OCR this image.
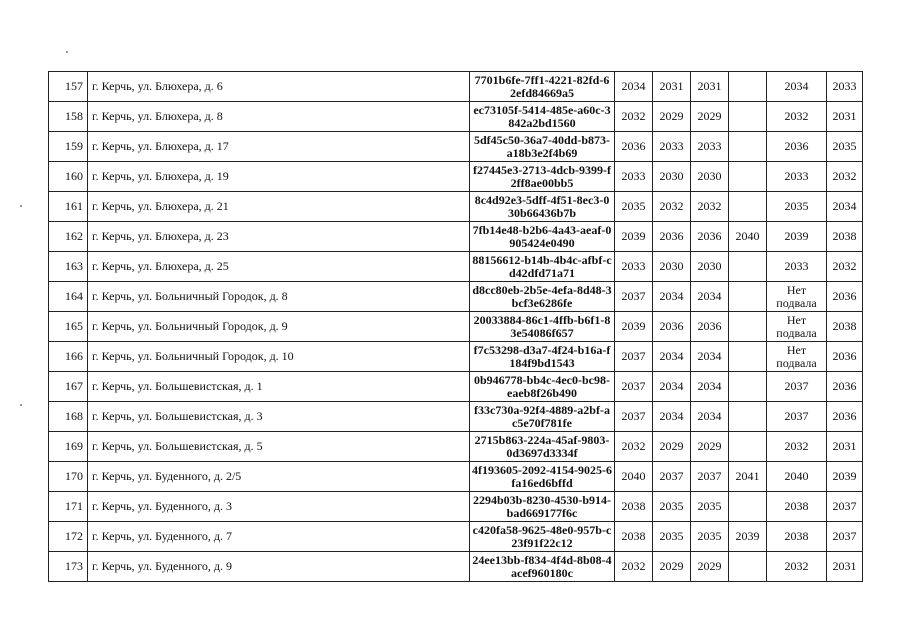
157	г. Керчь, ул. Блюхера, д. 6	7701b6fe-7ff1-4221-82fd-62efd84669a5	2034	2031	2031		2034	2033
158	г. Керчь, ул. Блюхера, д. 8	ec73105f-5414-485e-a60c-3842a2bd1560	2032	2029	2029		2032	2031
159	г. Керчь, ул. Блюхера, д. 17	5df45c50-36a7-40dd-b873-a18b3e2f4b69	2036	2033	2033		2036	2035
160	г. Керчь, ул. Блюхера, д. 19	f27445e3-2713-4dcb-9399-f2ff8ae00bb5	2033	2030	2030		2033	2032
161	г. Керчь, ул. Блюхера, д. 21	8c4d92e3-5dff-4f51-8ec3-030b66436b7b	2035	2032	2032		2035	2034
162	г. Керчь, ул. Блюхера, д. 23	7fb14e48-b2b6-4a43-aeaf-0905424e0490	2039	2036	2036	2040	2039	2038
163	г. Керчь, ул. Блюхера, д. 25	88156612-b14b-4b4c-afbf-cd42dfd71a71	2033	2030	2030		2033	2032
164	г. Керчь, ул. Больничный Городок, д. 8	d8cc80eb-2b5e-4efa-8d48-3bcf3e6286fe	2037	2034	2034		Нет подвала	2036
165	г. Керчь, ул. Больничный Городок, д. 9	20033884-86c1-4ffb-b6f1-83e54086f657	2039	2036	2036		Нет подвала	2038
166	г. Керчь, ул. Больничный Городок, д. 10	f7c53298-d3a7-4f24-b16a-f184f9bd1543	2037	2034	2034		Нет подвала	2036
167	г. Керчь, ул. Большевистская, д. 1	0b946778-bb4c-4ec0-bc98-eaeb8f26b490	2037	2034	2034		2037	2036
168	г. Керчь, ул. Большевистская, д. 3	f33c730a-92f4-4889-a2bf-ac5e70f781fe	2037	2034	2034		2037	2036
169	г. Керчь, ул. Большевистская, д. 5	2715b863-224a-45af-9803-0d3697d3334f	2032	2029	2029		2032	2031
170	г. Керчь, ул. Буденного, д. 2/5	4f193605-2092-4154-9025-6fa16ed6bffd	2040	2037	2037	2041	2040	2039
171	г. Керчь, ул. Буденного, д. 3	2294b03b-8230-4530-b914-bad669177f6c	2038	2035	2035		2038	2037
172	г. Керчь, ул. Буденного, д. 7	c420fa58-9625-48e0-957b-c23f91f22c12	2038	2035	2035	2039	2038	2037
173	г. Керчь, ул. Буденного, д. 9	24ee13bb-f834-4f4d-8b08-4acef960180c	2032	2029	2029		2032	2031
